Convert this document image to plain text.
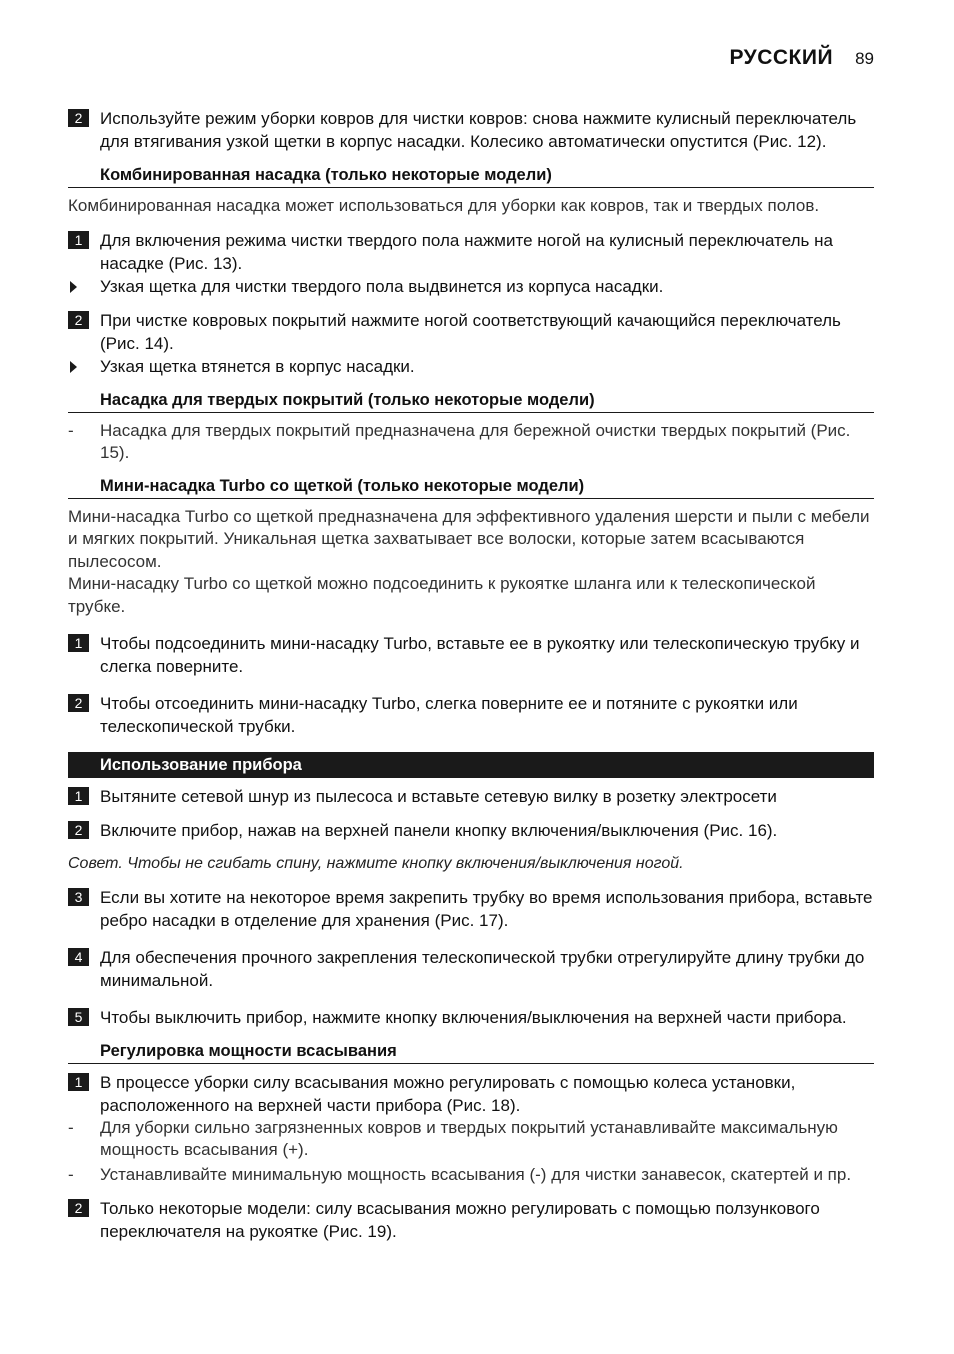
РУССКИЙ 89
2	Используйте режим уборки ковров для чистки ковров: снова нажмите кулисный переключатель для втягивания узкой щетки в корпус насадки. Колесико автоматически опустится (Рис. 12).
Комбинированная насадка (только некоторые модели)
Комбинированная насадка может использоваться для уборки как ковров, так и твердых полов.
1	Для включения режима чистки твердого пола нажмите ногой на кулисный переключатель на насадке (Рис. 13).
Узкая щетка для чистки твердого пола выдвинется из корпуса насадки.
2	При чистке ковровых покрытий нажмите ногой соответствующий качающийся переключатель (Рис. 14).
Узкая щетка втянется в корпус насадки.
Насадка для твердых покрытий (только некоторые модели)
- Насадка для твердых покрытий предназначена для бережной очистки твердых покрытий (Рис. 15).
Мини-насадка Turbo со щеткой (только некоторые модели)
Мини-насадка Turbo со щеткой предназначена для эффективного удаления шерсти и пыли с мебели и мягких покрытий. Уникальная щетка захватывает все волоски, которые затем всасываются пылесосом.
Мини-насадку Turbo со щеткой можно подсоединить к рукоятке шланга или к телескопической трубке.
1	Чтобы подсоединить мини-насадку Turbo, вставьте ее в рукоятку или телескопическую трубку и слегка поверните.
2	Чтобы отсоединить мини-насадку Turbo, слегка поверните ее и потяните с рукоятки или телескопической трубки.
Использование прибора
1	Вытяните сетевой шнур из пылесоса и вставьте сетевую вилку в розетку электросети
2	Включите прибор, нажав на верхней панели кнопку включения/выключения (Рис. 16).
Совет. Чтобы не сгибать спину, нажмите кнопку включения/выключения ногой.
3	Если вы хотите на некоторое время закрепить трубку во время использования прибора, вставьте ребро насадки в отделение для хранения (Рис. 17).
4	Для обеспечения прочного закрепления телескопической трубки отрегулируйте длину трубки до минимальной.
5	Чтобы выключить прибор, нажмите кнопку включения/выключения на верхней части прибора.
Регулировка мощности всасывания
1	В процессе уборки силу всасывания можно регулировать с помощью колеса установки, расположенного на верхней части прибора (Рис. 18).
- Для уборки сильно загрязненных ковров и твердых покрытий устанавливайте максимальную мощность всасывания (+).
- Устанавливайте минимальную мощность всасывания (-) для чистки занавесок, скатертей и пр.
2	Только некоторые модели: силу всасывания можно регулировать с помощью ползункового переключателя на рукоятке (Рис. 19).
